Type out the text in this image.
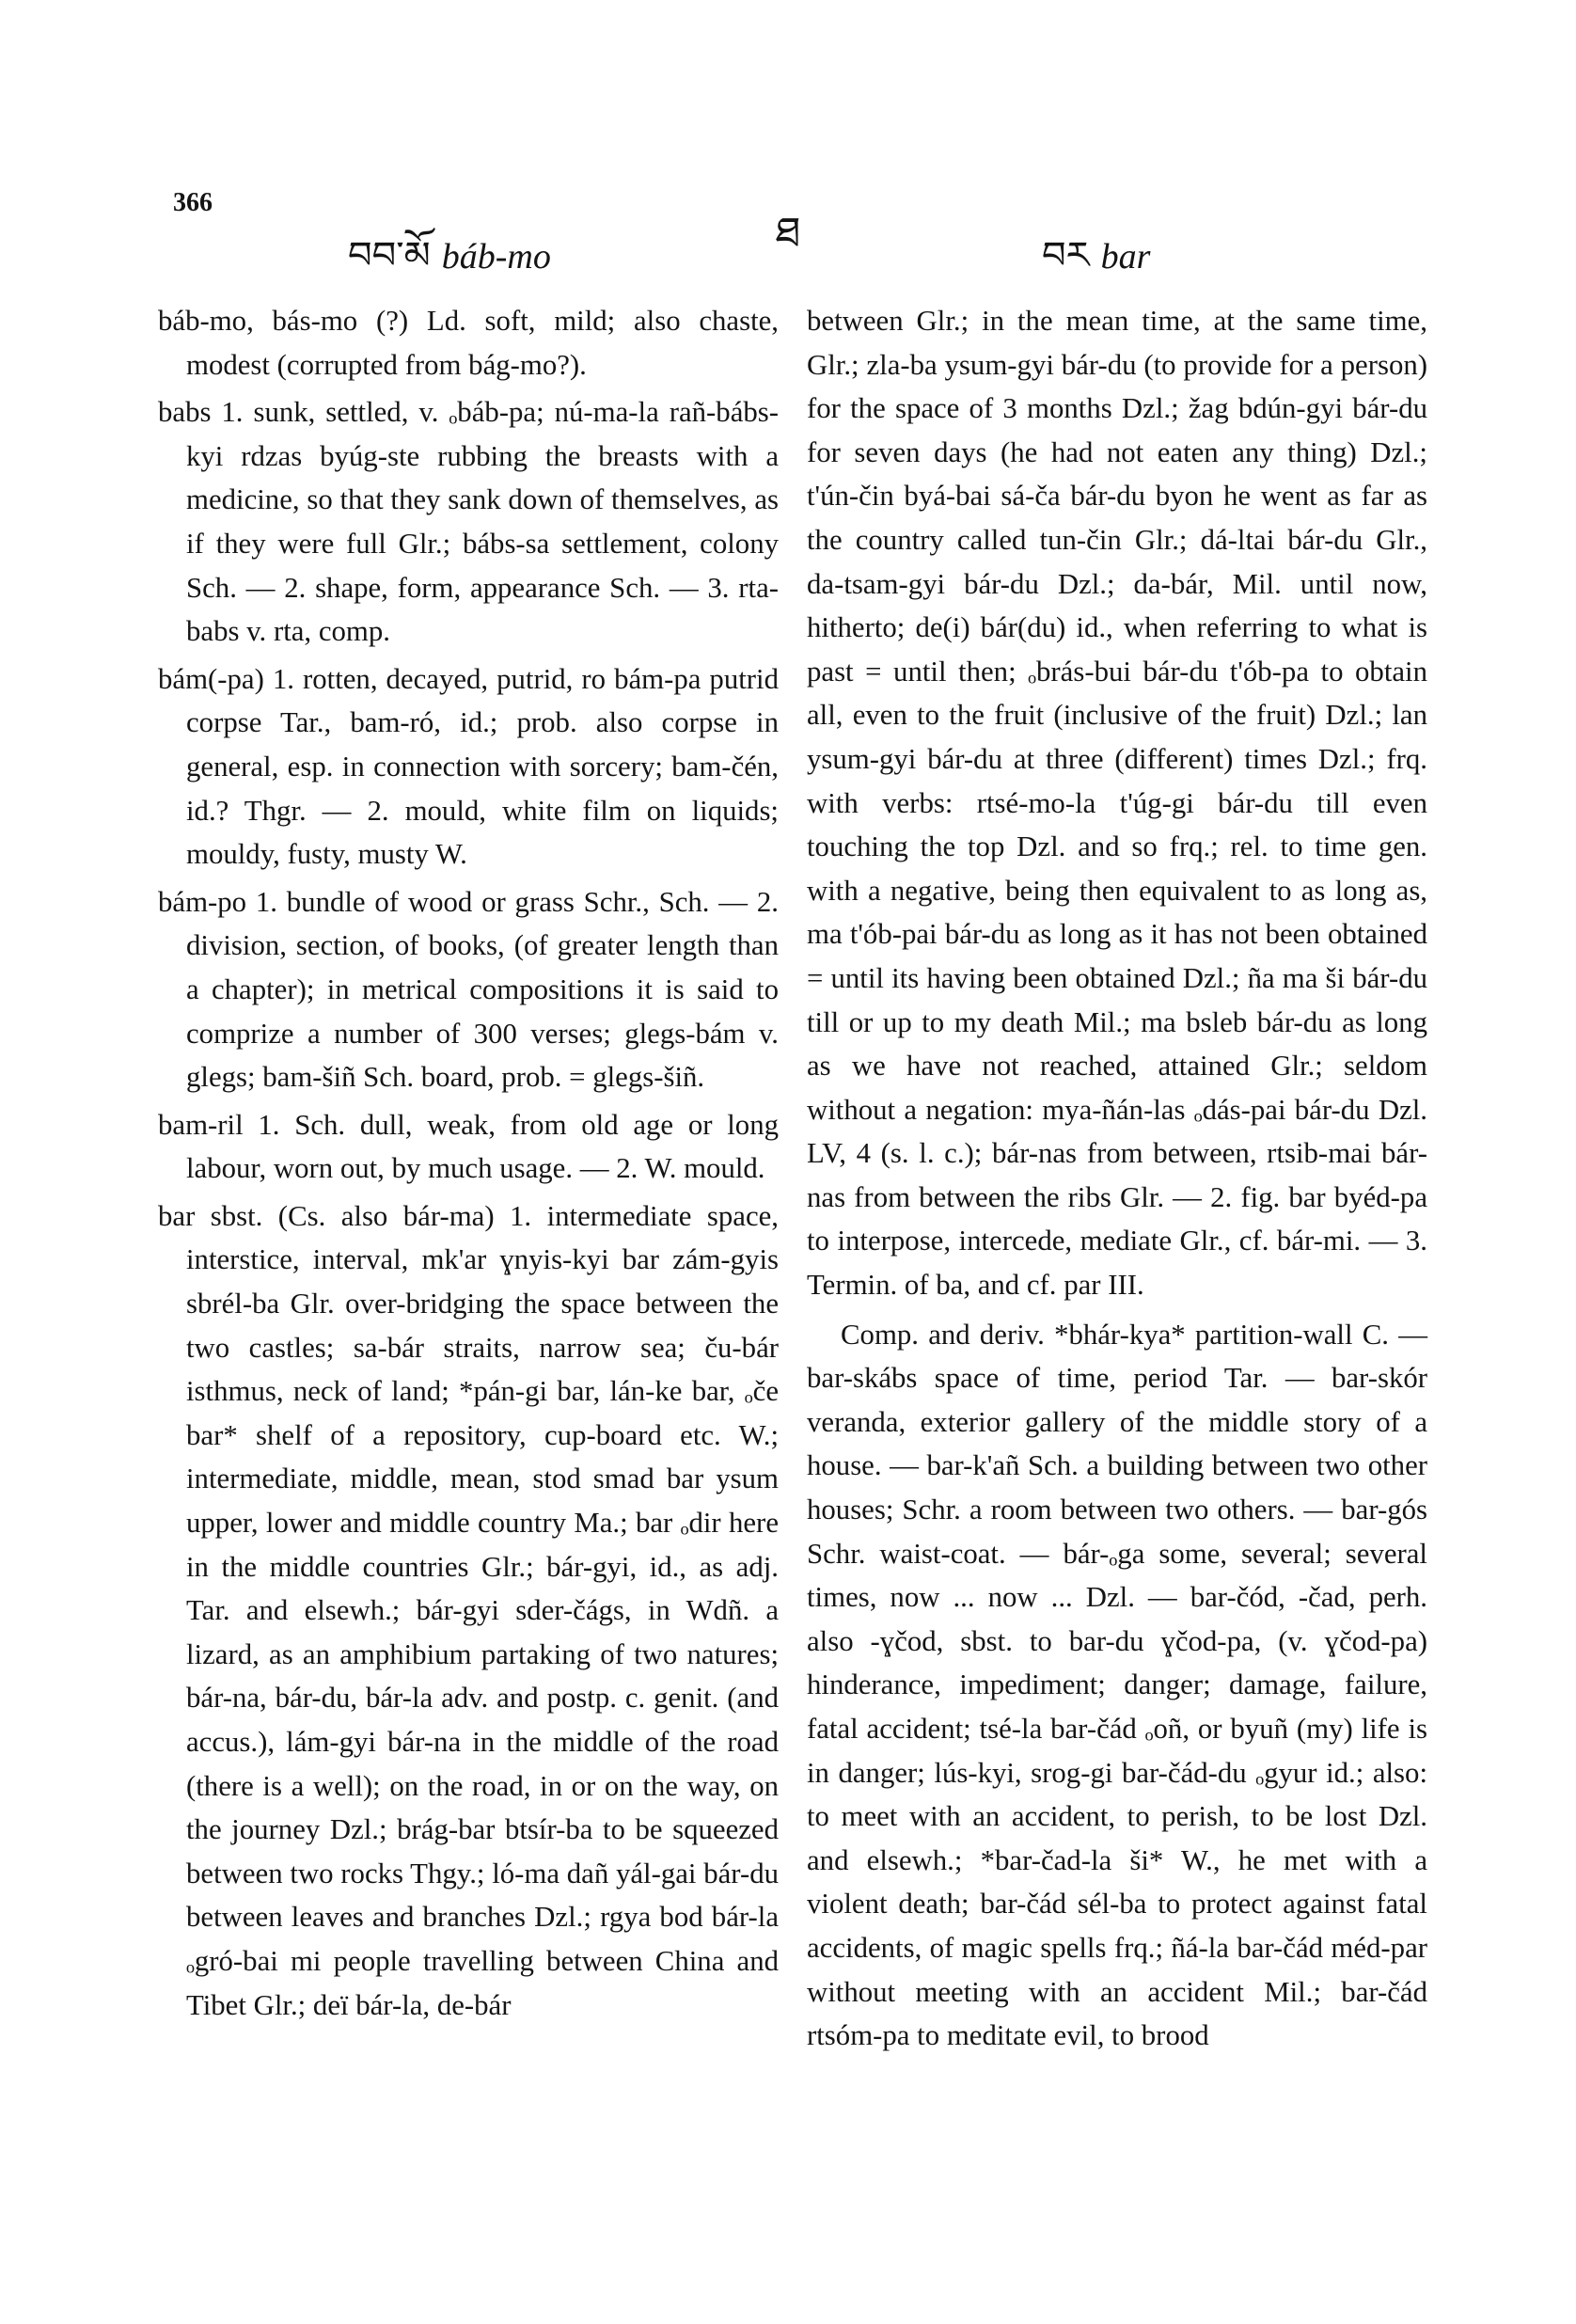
366
ཐ
བབ་མོ báb-mo	བར bar

báb-mo, bás-mo (?) Ld. soft, mild; also chaste, modest (corrupted from bág-mo?).

babs 1. sunk, settled, v. ₒbáb-pa; nú-ma-la rañ-bábs-kyi rdzas byúg-ste rubbing the breasts with a medicine, so that they sank down of themselves, as if they were full Glr.; bábs-sa settlement, colony Sch. — 2. shape, form, appearance Sch. — 3. rta-babs v. rta, comp.

bám(-pa) 1. rotten, decayed, putrid, ro bám-pa putrid corpse Tar., bam-ró, id.; prob. also corpse in general, esp. in connection with sorcery; bam-čén, id.? Thgr. — 2. mould, white film on liquids; mouldy, fusty, musty W.

bám-po 1. bundle of wood or grass Schr., Sch. — 2. division, section, of books, (of greater length than a chapter); in metrical compositions it is said to comprize a number of 300 verses; glegs-bám v. glegs; bam-šiñ Sch. board, prob. = glegs-šiñ.

bam-ril 1. Sch. dull, weak, from old age or long labour, worn out, by much usage. — 2. W. mould.

bar sbst. (Cs. also bár-ma) 1. intermediate space, interstice, interval, mk'ar ɣnyis-kyi bar zám-gyis sbrél-ba Glr. over-bridging the space between the two castles; sa-bár straits, narrow sea; ču-bár isthmus, neck of land; *pán-gi bar, lán-ke bar, ₒče bar* shelf of a repository, cup-board etc. W.; intermediate, middle, mean, stod smad bar ysum upper, lower and middle country Ma.; bar ₒdir here in the middle countries Glr.; bár-gyi, id., as adj. Tar. and elsewh.; bár-gyi sder-čágs, in Wdñ. a lizard, as an amphibium partaking of two natures; bár-na, bár-du, bár-la adv. and postp. c. genit. (and accus.), lám-gyi bár-na in the middle of the road (there is a well); on the road, in or on the way, on the journey Dzl.; brág-bar btsír-ba to be squeezed between two rocks Thgy.; ló-ma dañ yál-gai bár-du between leaves and branches Dzl.; rgya bod bár-la ₒgró-bai mi people travelling between China and Tibet Glr.; deï bár-la, de-bár

between Glr.; in the mean time, at the same time, Glr.; zla-ba ysum-gyi bár-du (to provide for a person) for the space of 3 months Dzl.; žag bdún-gyi bár-du for seven days (he had not eaten any thing) Dzl.; t'ún-čin byá-bai sá-ča bár-du byon he went as far as the country called tun-čin Glr.; dá-ltai bár-du Glr., da-tsam-gyi bár-du Dzl.; da-bár, Mil. until now, hitherto; de(i) bár(du) id., when referring to what is past = until then; ₒbrás-bui bár-du t'ób-pa to obtain all, even to the fruit (inclusive of the fruit) Dzl.; lan ysum-gyi bár-du at three (different) times Dzl.; frq. with verbs: rtsé-mo-la t'úg-gi bár-du till even touching the top Dzl. and so frq.; rel. to time gen. with a negative, being then equivalent to as long as, ma t'ób-pai bár-du as long as it has not been obtained = until its having been obtained Dzl.; ña ma ši bár-du till or up to my death Mil.; ma bsleb bár-du as long as we have not reached, attained Glr.; seldom without a negation: mya-ñán-las ₒdás-pai bár-du Dzl. LV, 4 (s. l. c.); bár-nas from between, rtsib-mai bár-nas from between the ribs Glr. — 2. fig. bar byéd-pa to interpose, intercede, mediate Glr., cf. bár-mi. — 3. Termin. of ba, and cf. par III.

Comp. and deriv. *bhár-kya* partition-wall C. — bar-skábs space of time, period Tar. — bar-skór veranda, exterior gallery of the middle story of a house. — bar-k'añ Sch. a building between two other houses; Schr. a room between two others. — bar-gós Schr. waist-coat. — bár-ₒga some, several; several times, now ... now ... Dzl. — bar-čód, -čad, perh. also -ɣčod, sbst. to bar-du ɣčod-pa, (v. ɣčod-pa) hinderance, impediment; danger; damage, failure, fatal accident; tsé-la bar-čád ₒoñ, or byuñ (my) life is in danger; lús-kyi, srog-gi bar-čád-du ₒgyur id.; also: to meet with an accident, to perish, to be lost Dzl. and elsewh.; *bar-čad-la ši* W., he met with a violent death; bar-čád sél-ba to protect against fatal accidents, of magic spells frq.; ñá-la bar-čád méd-par without meeting with an accident Mil.; bar-čád rtsóm-pa to meditate evil, to brood
